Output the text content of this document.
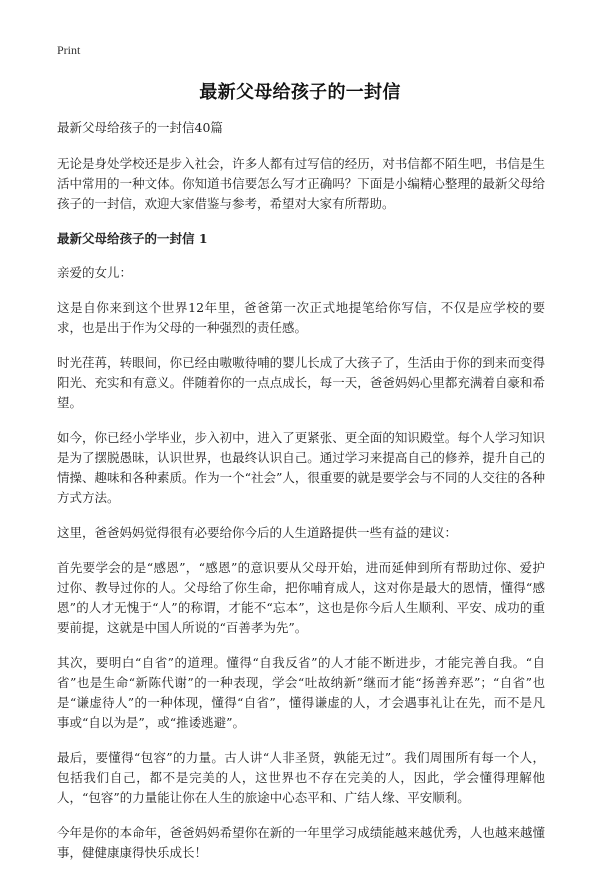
Print
最新父母给孩子的一封信
最新父母给孩子的一封信40篇

无论是身处学校还是步入社会，许多人都有过写信的经历，对书信都不陌生吧，书信是生活中常用的一种文体。你知道书信要怎么写才正确吗？下面是小编精心整理的最新父母给孩子的一封信，欢迎大家借鉴与参考，希望对大家有所帮助。

最新父母给孩子的一封信 1

亲爱的女儿：

这是自你来到这个世界12年里，爸爸第一次正式地提笔给你写信，不仅是应学校的要求，也是出于作为父母的一种强烈的责任感。

时光荏苒，转眼间，你已经由嗷嗷待哺的婴儿长成了大孩子了，生活由于你的到来而变得阳光、充实和有意义。伴随着你的一点点成长，每一天，爸爸妈妈心里都充满着自豪和希望。

如今，你已经小学毕业，步入初中，进入了更紧张、更全面的知识殿堂。每个人学习知识是为了摆脱愚昧，认识世界，也最终认识自己。通过学习来提高自己的修养，提升自己的情操、趣味和各种素质。作为一个“社会”人，很重要的就是要学会与不同的人交往的各种方式方法。

这里，爸爸妈妈觉得很有必要给你今后的人生道路提供一些有益的建议：

首先要学会的是“感恩”，“感恩”的意识要从父母开始，进而延伸到所有帮助过你、爱护过你、教导过你的人。父母给了你生命，把你哺育成人，这对你是最大的恩情，懂得“感恩”的人才无愧于“人”的称谓，才能不“忘本”，这也是你今后人生顺利、平安、成功的重要前提，这就是中国人所说的“百善孝为先”。

其次，要明白“自省”的道理。懂得“自我反省”的人才能不断进步，才能完善自我。“自省”也是生命“新陈代谢”的一种表现，学会“吐故纳新”继而才能“扬善弃恶”；“自省”也是“谦虚待人”的一种体现，懂得“自省”，懂得谦虚的人，才会遇事礼让在先，而不是凡事或“自以为是”，或“推诿逃避”。

最后，要懂得“包容”的力量。古人讲“人非圣贤，孰能无过”。我们周围所有每一个人，包括我们自己，都不是完美的人，这世界也不存在完美的人，因此，学会懂得理解他人，“包容”的力量能让你在人生的旅途中心态平和、广结人缘、平安顺利。

今年是你的本命年，爸爸妈妈希望你在新的一年里学习成绩能越来越优秀，人也越来越懂事，健健康康得快乐成长！
